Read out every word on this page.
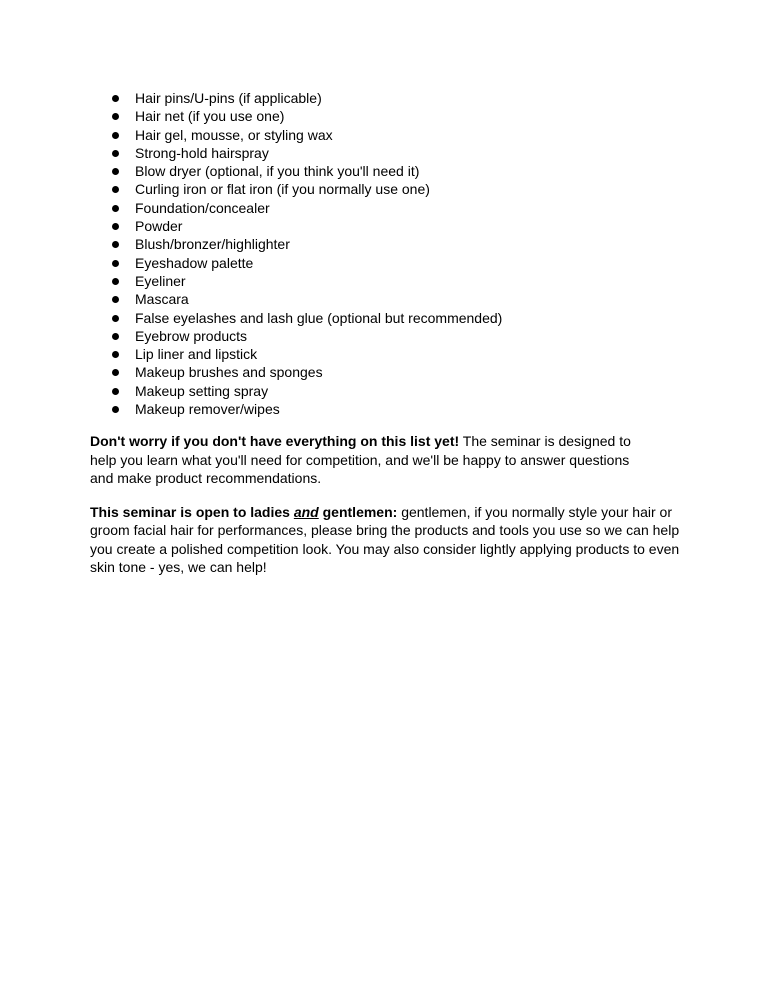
Hair pins/U-pins (if applicable)
Hair net (if you use one)
Hair gel, mousse, or styling wax
Strong-hold hairspray
Blow dryer (optional, if you think you'll need it)
Curling iron or flat iron (if you normally use one)
Foundation/concealer
Powder
Blush/bronzer/highlighter
Eyeshadow palette
Eyeliner
Mascara
False eyelashes and lash glue (optional but recommended)
Eyebrow products
Lip liner and lipstick
Makeup brushes and sponges
Makeup setting spray
Makeup remover/wipes

Don't worry if you don't have everything on this list yet! The seminar is designed to help you learn what you'll need for competition, and we'll be happy to answer questions and make product recommendations.

This seminar is open to ladies and gentlemen: gentlemen, if you normally style your hair or groom facial hair for performances, please bring the products and tools you use so we can help you create a polished competition look. You may also consider lightly applying products to even skin tone - yes, we can help!
